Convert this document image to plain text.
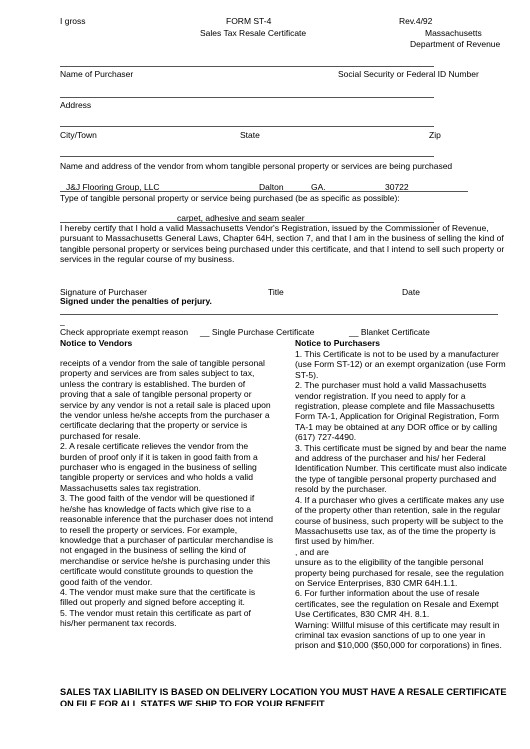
I gross	FORM ST-4
Sales Tax Resale Certificate
Rev.4/92
Massachusetts
Department of Revenue
Name of Purchaser	Social Security or Federal ID Number
Address
City/Town	State	Zip
Name and address of the vendor from whom tangible personal property or services are being purchased
J&J Flooring Group, LLC	Dalton	GA.	30722
Type of tangible personal property or service being purchased (be as specific as possible):
carpet, adhesive and seam sealer
I hereby certify that I hold a valid Massachusetts Vendor's Registration, issued by the Commissioner of Revenue, pursuant to Massachusetts General Laws, Chapter 64H, section 7, and that I am in the business of selling the kind of tangible personal property or services being purchased under this certificate, and that I intend to sell such property or services in the regular course of my business.
Signature of Purchaser	Title	Date
Signed under the penalties of perjury.
_
Check appropriate exempt reason __ Single Purchase Certificate	__ Blanket Certificate
Notice to Vendors

receipts of a vendor from the sale of tangible personal property and services are from sales subject to tax, unless the contrary is established. The burden of proving that a sale of tangible personal property or service by any vendor is not a retail sale is placed upon the vendor unless he/she accepts from the purchaser a certificate declaring that the property or service is purchased for resale.

2. A resale certificate relieves the vendor from the burden of proof only if it is taken in good faith from a purchaser who is engaged in the business of selling tangible property or services and who holds a valid Massachusetts sales tax registration.

3. The good faith of the vendor will be questioned if he/she has knowledge of facts which give rise to a reasonable inference that the purchaser does not intend to resell the property or services. For example, knowledge that a purchaser of particular merchandise is not engaged in the business of selling the kind of merchandise or service he/she is purchasing under this certificate would constitute grounds to question the good faith of the vendor.

4. The vendor must make sure that the certificate is filled out properly and signed before accepting it.

5. The vendor must retain this certificate as part of his/her permanent tax records.

Notice to Purchasers

1. This Certificate is not to be used by a manufacturer (use Form ST-12) or an exempt organization (use Form ST-5).

2. The purchaser must hold a valid Massachusetts vendor registration. If you need to apply for a registration, please complete and file Massachusetts Form TA-1, Application for Original Registration, Form TA-1 may be obtained at any DOR office or by calling (617) 727-4490.

3. This certificate must be signed by and bear the name and address of the purchaser and his/ her Federal Identification Number. This certificate must also indicate the type of tangible personal property purchased and resold by the purchaser.

4. If a purchaser who gives a certificate makes any use of the property other than retention, sale in the regular course of business, such property will be subject to the Massachusetts use tax, as of the time the property is first used by him/her.

, and are

unsure as to the eligibility of the tangible personal property being purchased for resale, see the regulation on Service Enterprises, 830 CMR 64H.1.1.

6. For further information about the use of resale certificates, see the regulation on Resale and Exempt Use Certificates, 830 CMR 4H. 8.1.

Warning: Willful misuse of this certificate may result in criminal tax evasion sanctions of up to one year in prison and $10,000 ($50,000 for corporations) in fines.

SALES TAX LIABILITY IS BASED ON DELIVERY LOCATION YOU MUST HAVE A RESALE CERTIFICATE ON FILE FOR ALL STATES WE SHIP TO FOR YOUR BENEFIT
